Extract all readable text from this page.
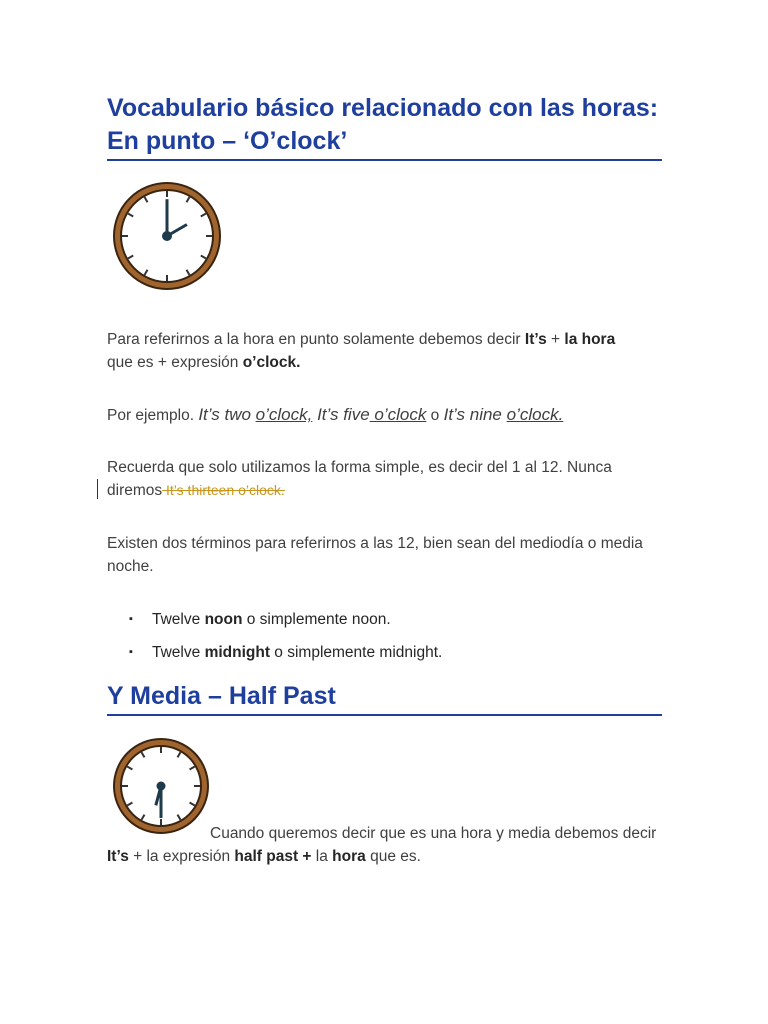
Vocabulario básico relacionado con las horas: En punto – ‘O’clock’

Para referirnos a la hora en punto solamente debemos decir It’s + la hora que es + expresión o’clock.

Por ejemplo. It’s two o’clock, It’s five o’clock o It’s nine o’clock.

Recuerda que solo utilizamos la forma simple, es decir del 1 al 12. Nunca diremos It’s thirteen o’clock.

Existen dos términos para referirnos a las 12, bien sean del mediodía o media noche.

▪ Twelve noon o simplemente noon.
▪ Twelve midnight o simplemente midnight.
Y Media – Half Past

Cuando queremos decir que es una hora y media debemos decir It’s + la expresión half past + la hora que es.
